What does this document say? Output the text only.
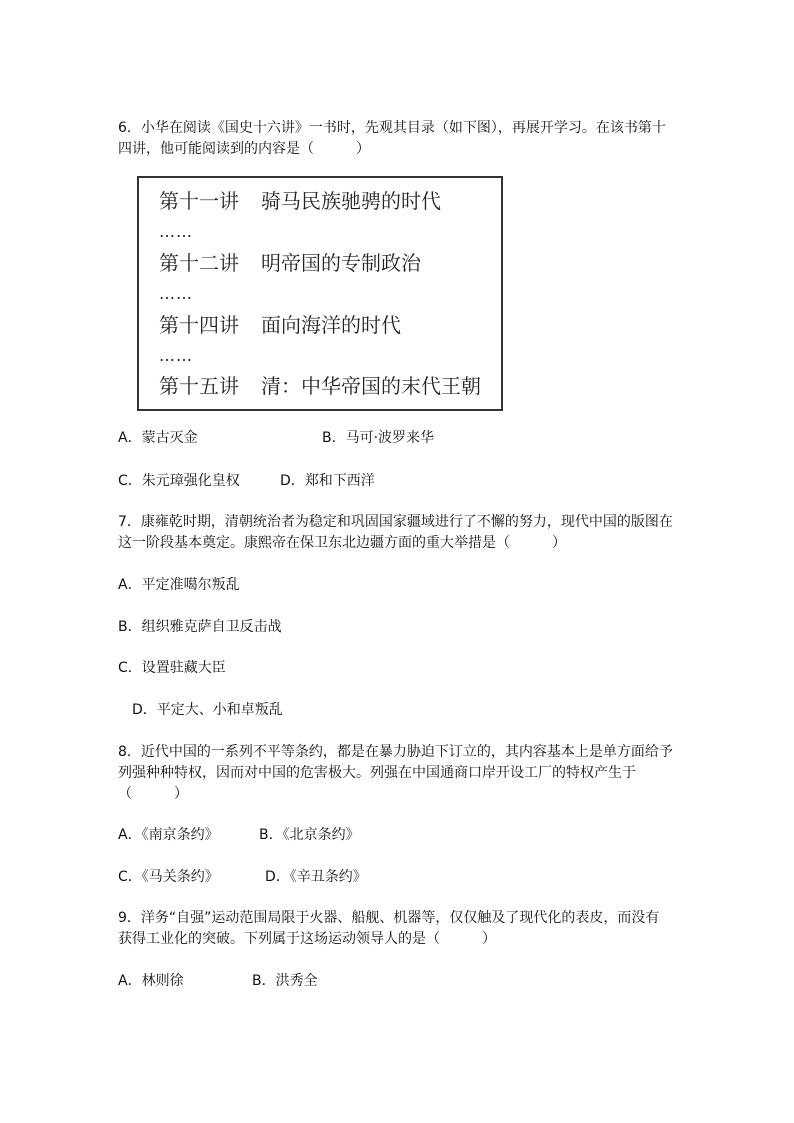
6．小华在阅读《国史十六讲》一书时，先观其目录（如下图），再展开学习。在该书第十
四讲，他可能阅读到的内容是（　　　）
第十一讲 骑马民族驰骋的时代
……
第十二讲 明帝国的专制政治
……
第十四讲 面向海洋的时代
……
第十五讲 清：中华帝国的末代王朝
A．蒙古灭金	B．马可·波罗来华
C．朱元璋强化皇权	D．郑和下西洋
7．康雍乾时期，清朝统治者为稳定和巩固国家疆域进行了不懈的努力，现代中国的版图在
这一阶段基本奠定。康熙帝在保卫东北边疆方面的重大举措是（　　　）
A．平定准噶尔叛乱
B．组织雅克萨自卫反击战
C．设置驻藏大臣
D．平定大、小和卓叛乱
8．近代中国的一系列不平等条约，都是在暴力胁迫下订立的，其内容基本上是单方面给予
列强种种特权，因而对中国的危害极大。列强在中国通商口岸开设工厂的特权产生于
（　　　）
A．《南京条约》	B．《北京条约》
C．《马关条约》	D．《辛丑条约》
9．洋务“自强”运动范围局限于火器、船舰、机器等，仅仅触及了现代化的表皮，而没有
获得工业化的突破。下列属于这场运动领导人的是（　　　）
A．林则徐	B．洪秀全
